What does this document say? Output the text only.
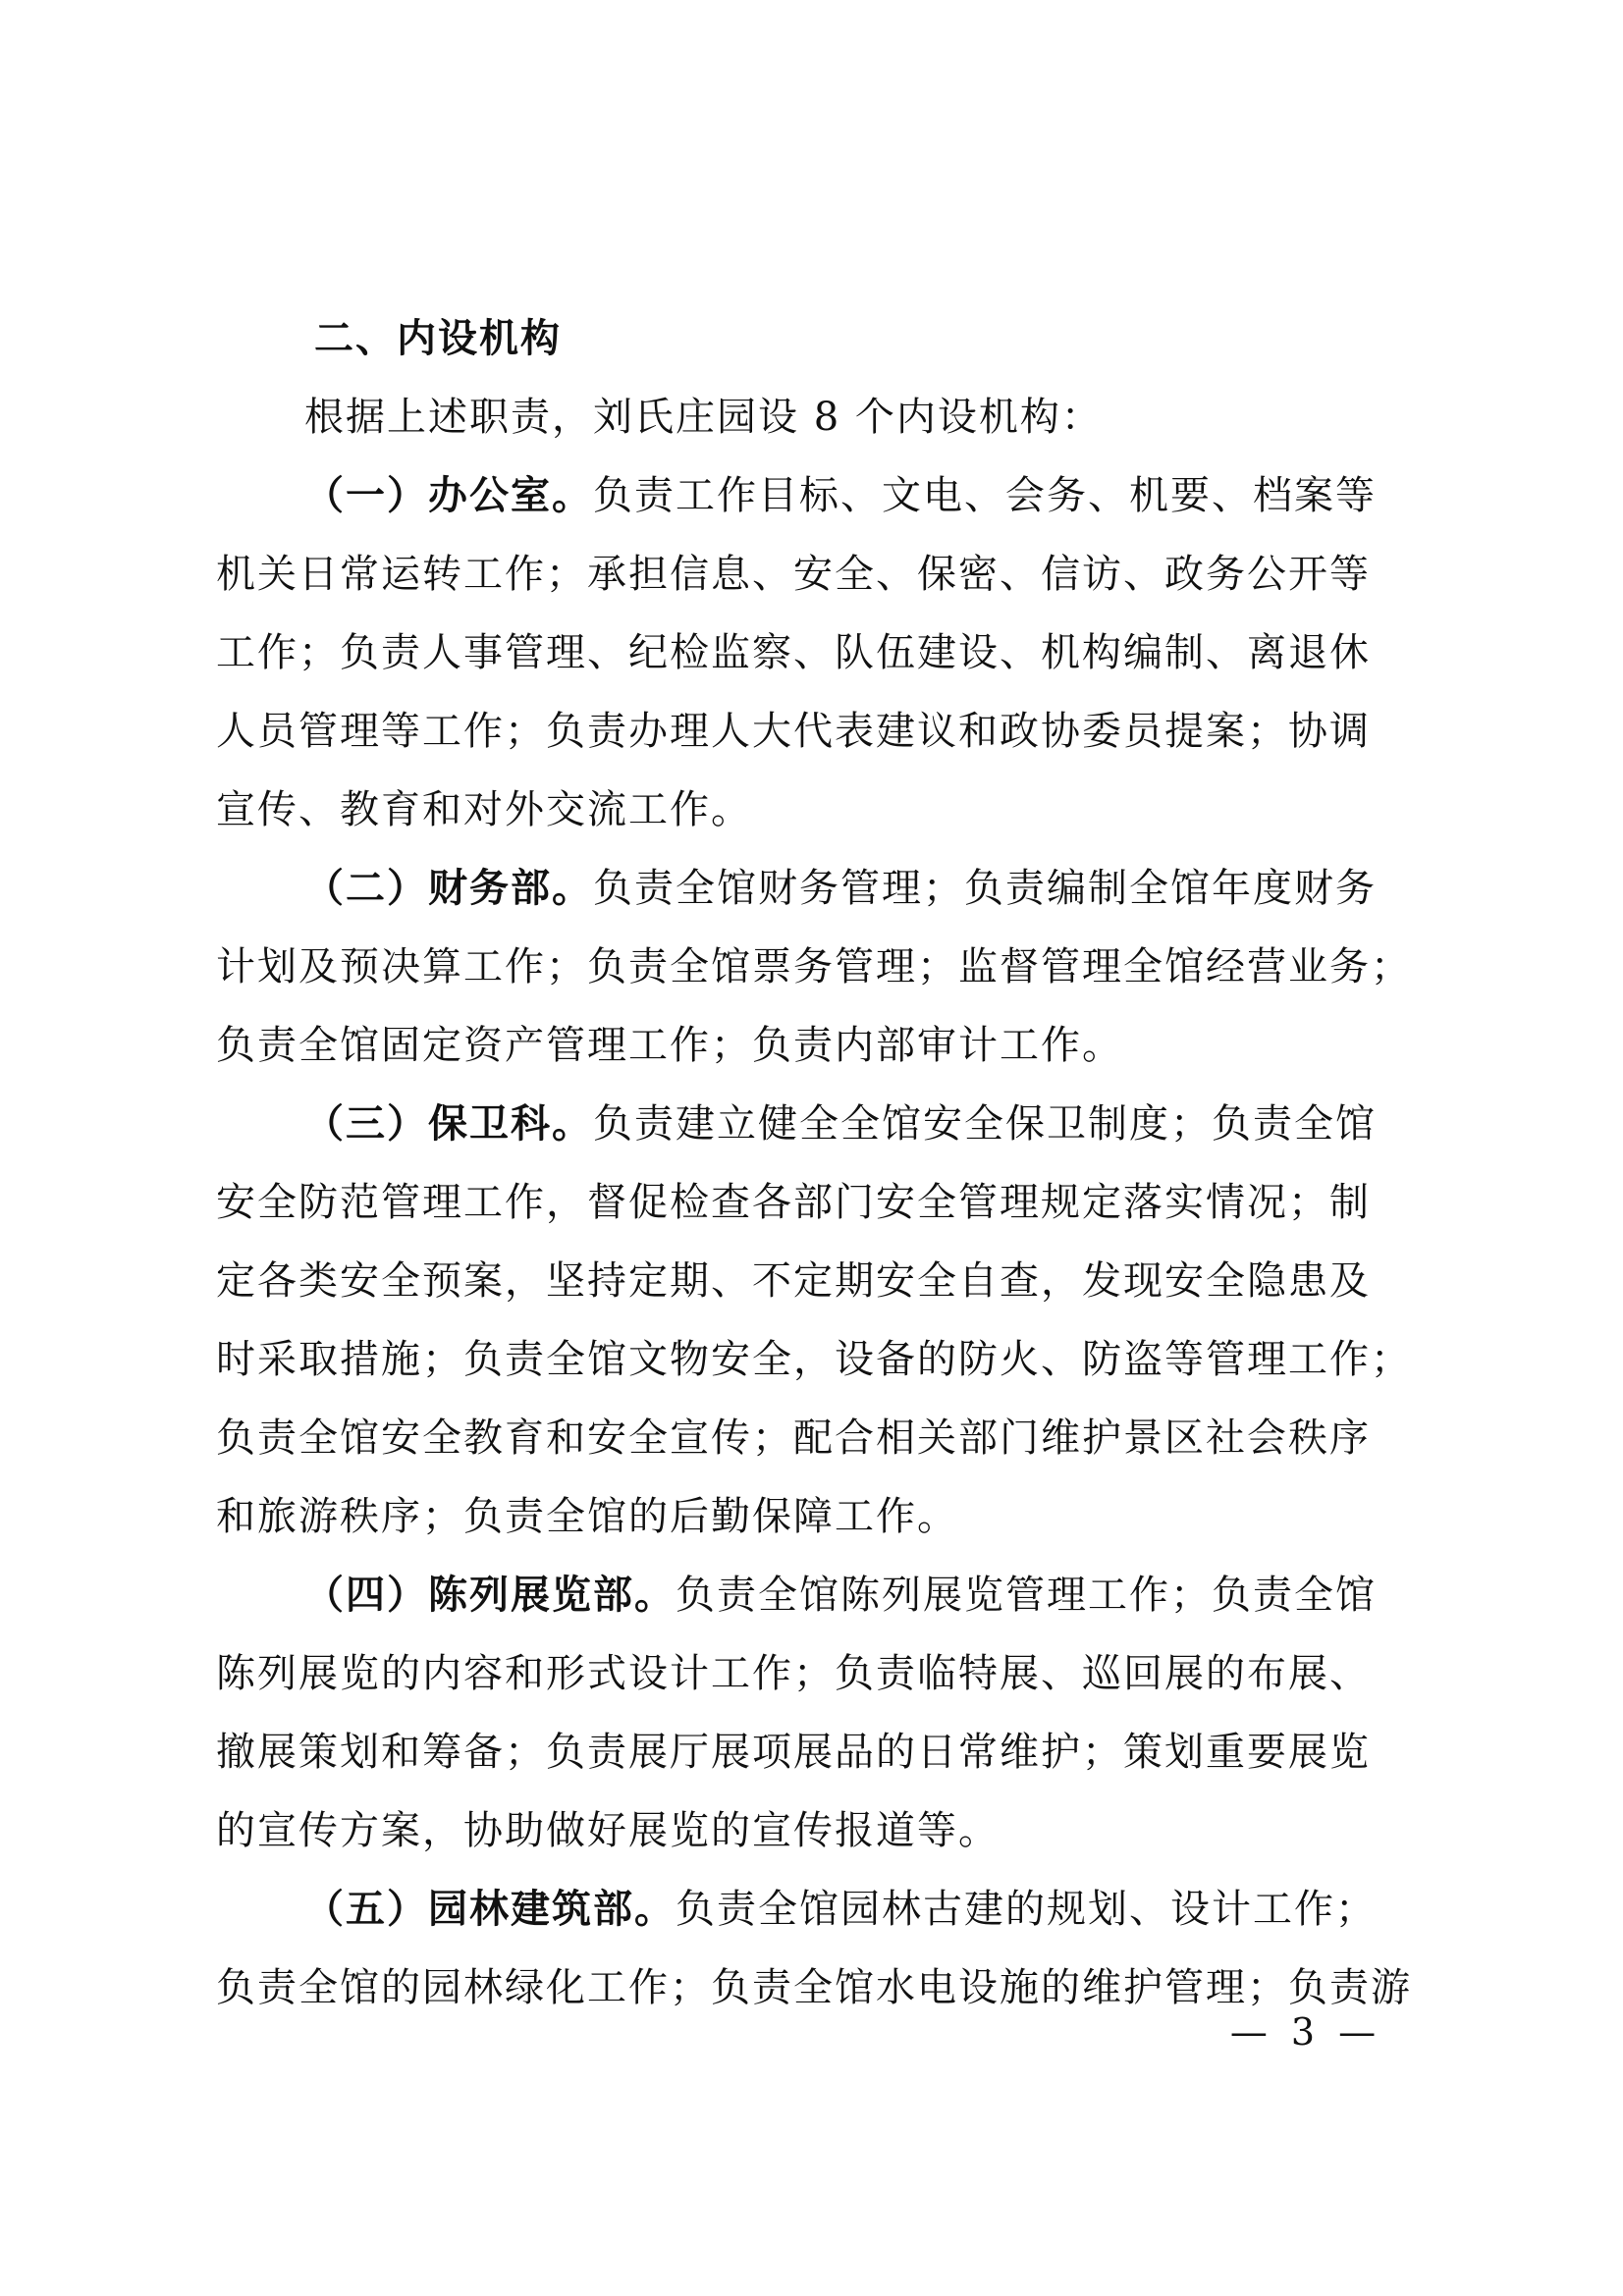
二、内设机构

根据上述职责，刘氏庄园设 8 个内设机构：

（一）办公室。负责工作目标、文电、会务、机要、档案等
机关日常运转工作；承担信息、安全、保密、信访、政务公开等
工作；负责人事管理、纪检监察、队伍建设、机构编制、离退休
人员管理等工作；负责办理人大代表建议和政协委员提案；协调
宣传、教育和对外交流工作。

（二）财务部。负责全馆财务管理；负责编制全馆年度财务
计划及预决算工作；负责全馆票务管理；监督管理全馆经营业务；
负责全馆固定资产管理工作；负责内部审计工作。

（三）保卫科。负责建立健全全馆安全保卫制度；负责全馆
安全防范管理工作，督促检查各部门安全管理规定落实情况；制
定各类安全预案，坚持定期、不定期安全自查，发现安全隐患及
时采取措施；负责全馆文物安全，设备的防火、防盗等管理工作；
负责全馆安全教育和安全宣传；配合相关部门维护景区社会秩序
和旅游秩序；负责全馆的后勤保障工作。

（四）陈列展览部。负责全馆陈列展览管理工作；负责全馆
陈列展览的内容和形式设计工作；负责临特展、巡回展的布展、
撤展策划和筹备；负责展厅展项展品的日常维护；策划重要展览
的宣传方案，协助做好展览的宣传报道等。

（五）园林建筑部。负责全馆园林古建的规划、设计工作；
负责全馆的园林绿化工作；负责全馆水电设施的维护管理；负责游

— 3 —
